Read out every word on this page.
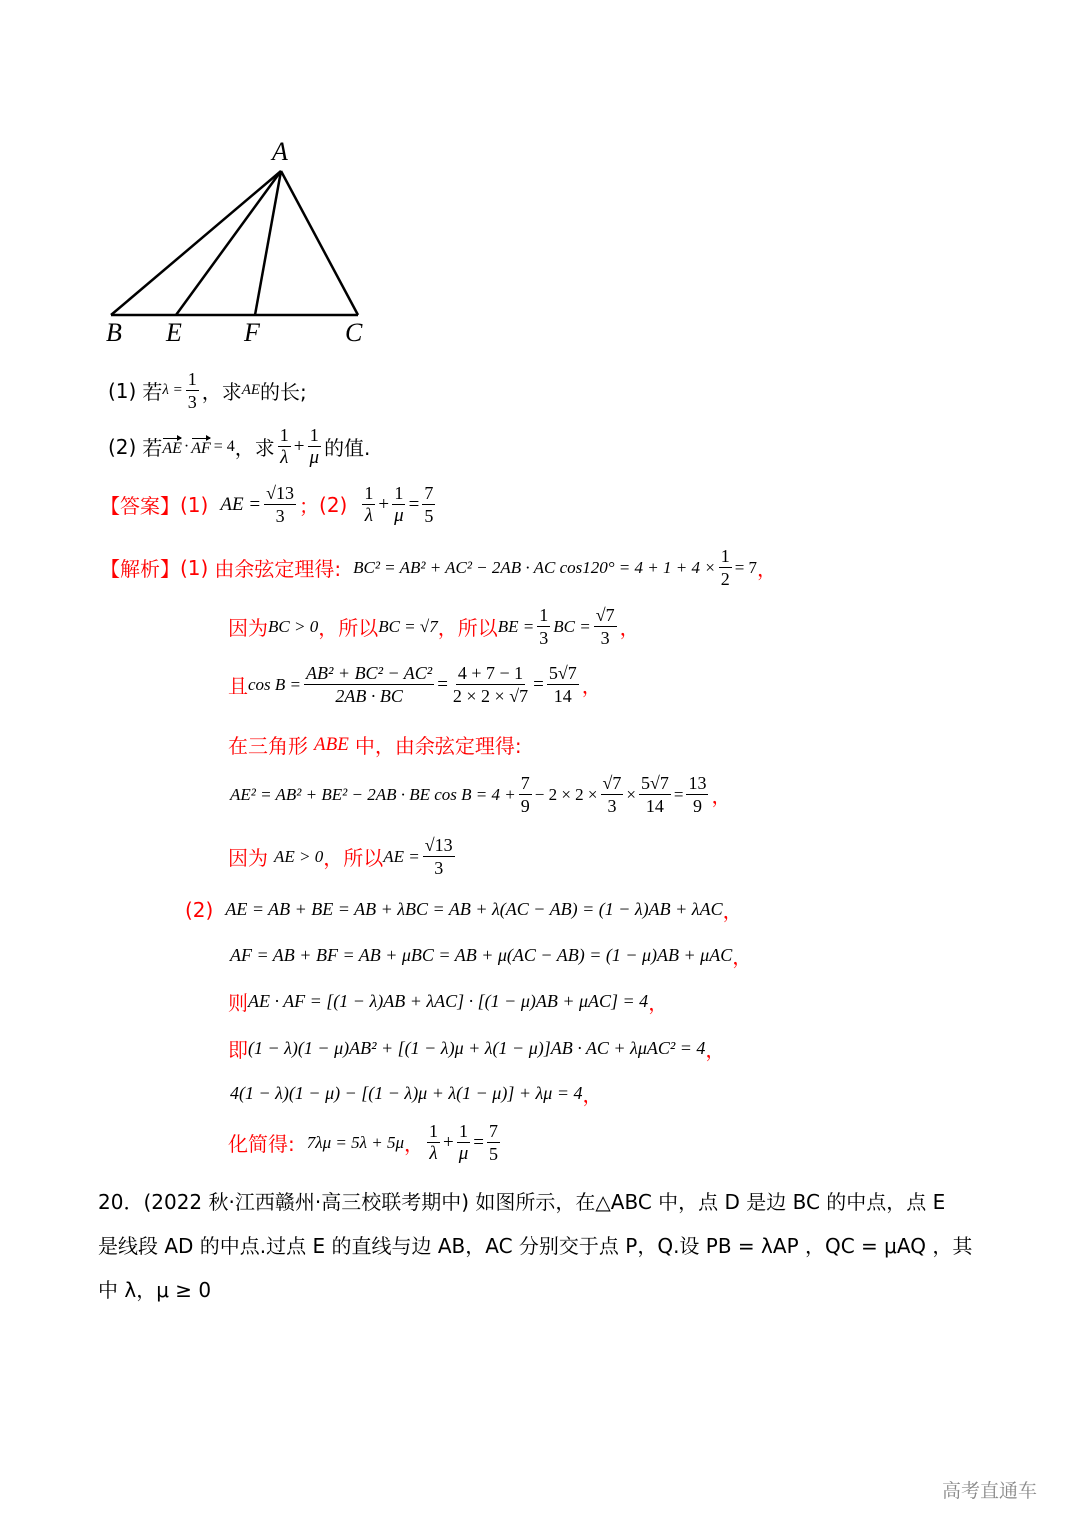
A
B E F	C
(1) 若 $\lambda = \frac{1}{3}$ ，求 AE 的长;
(2) 若 AE · AF = 4 ，求 $\frac{1}{\lambda} + \frac{1}{\mu}$ 的值.
【答案】 (1) AE = $\frac{√13}{3}$ ； $(2) \frac{1}{\lambda} + \frac{1}{\mu} = \frac{7}{5}$
【解析】 (1) 由余弦定理得: BC² = AB² + AC² − 2AB · AC $\cos 120^\circ = 4 + 1 + 4 \times \frac{1}{2} = 7$ ，
因为 BC > 0 ，所以 BC = √7 ，所以 BE = $\frac{1}{3}$ BC = $\frac{√7}{3}$ ，
且 $\cos B = \frac{\text{AB² + BC² − AC²}}{2AB \cdot BC} = \frac{4 + 7 - 1}{2 \times 2 \times √7} = \frac{5√7}{14}$ ，
在三角形 ABE 中，由余弦定理得:
AE² = AB² + BE² − 2AB · BE $\cos B = 4 + \frac{7}{9} - 2 \times 2 \times \frac{√7}{3} \times \frac{5√7}{14} = \frac{13}{9}$ ，
因为 AE > 0 ，所以 AE = $\frac{√13}{3}$
(2) AE = AB + BE = AB + λBC = AB + λ(AC − AB) = (1 − λ)AB + λAC ，
AF = AB + BF = AB + μBC = AB + μ(AC − AB) = (1 − μ)AB + μAC ，
则 AE · AF = [(1 − λ)AB + λAC] · [(1 − μ)AB + μAC] = 4 ，
即 (1 − λ)(1 − μ)AB² + [(1 − λ)μ + λ(1 − μ)]AB · AC + λμAC² = 4 ，
4(1 − λ)(1 − μ) − [(1 − λ)μ + λ(1 − μ)] + λμ = 4 ，
化简得: 7λμ = 5λ + 5μ ， $\frac{1}{\lambda} + \frac{1}{\mu} = \frac{7}{5}$
20．(2022 秋·江西赣州·高三校联考期中) 如图所示，在△ABC 中，点 D 是边 BC 的中点，点 E
是线段 AD 的中点.过点 E 的直线与边 AB，AC 分别交于点 P，Q.设 PB = λAP ，QC = μAQ ，其
中 λ，μ ≥ 0
高考直通车
